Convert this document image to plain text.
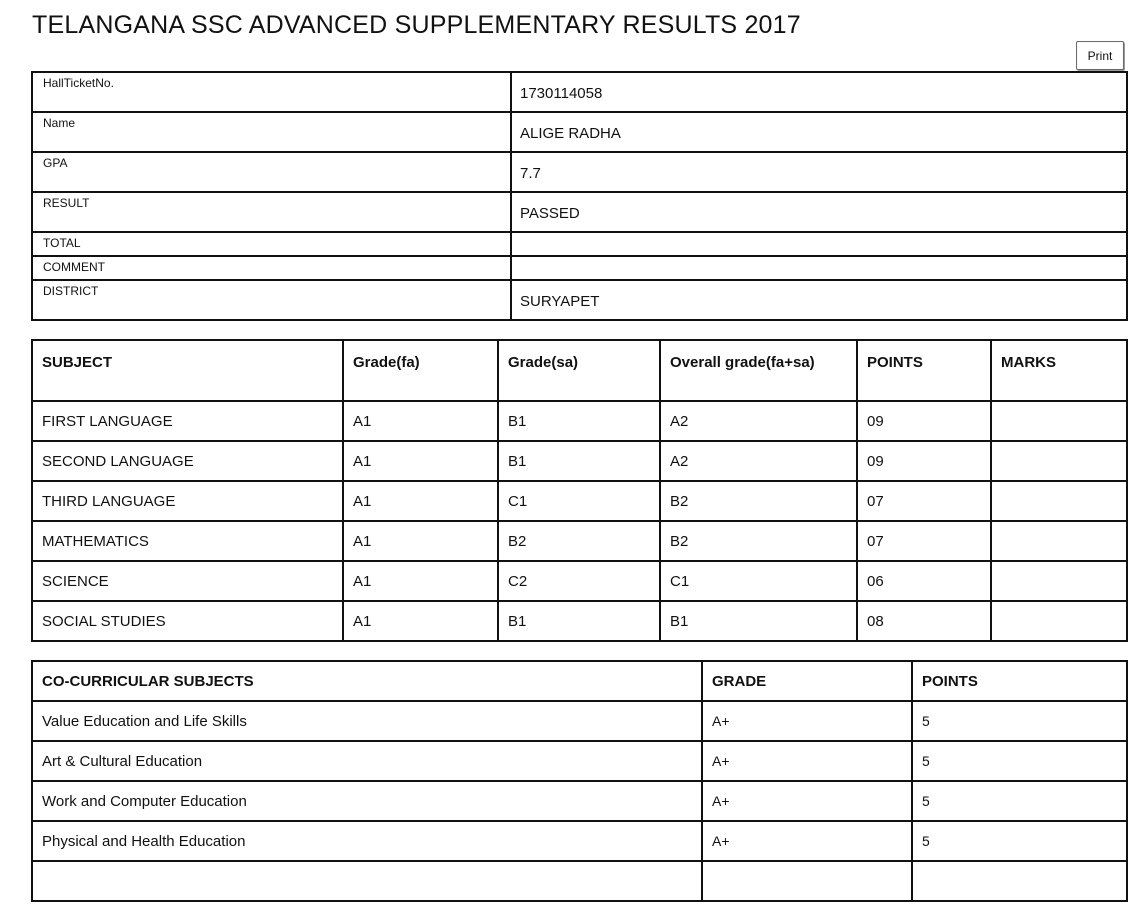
TELANGANA SSC ADVANCED SUPPLEMENTARY RESULTS 2017
Print
HallTicketNo.	1730114058
Name	ALIGE RADHA
GPA	7.7
RESULT	PASSED
TOTAL	
COMMENT	
DISTRICT	SURYAPET
SUBJECT	Grade(fa)	Grade(sa)	Overall grade(fa+sa)	POINTS	MARKS
FIRST LANGUAGE	A1	B1	A2	09	
SECOND LANGUAGE	A1	B1	A2	09	
THIRD LANGUAGE	A1	C1	B2	07	
MATHEMATICS	A1	B2	B2	07	
SCIENCE	A1	C2	C1	06	
SOCIAL STUDIES	A1	B1	B1	08	
CO-CURRICULAR SUBJECTS	GRADE	POINTS
Value Education and Life Skills	A+	5
Art & Cultural Education	A+	5
Work and Computer Education	A+	5
Physical and Health Education	A+	5
